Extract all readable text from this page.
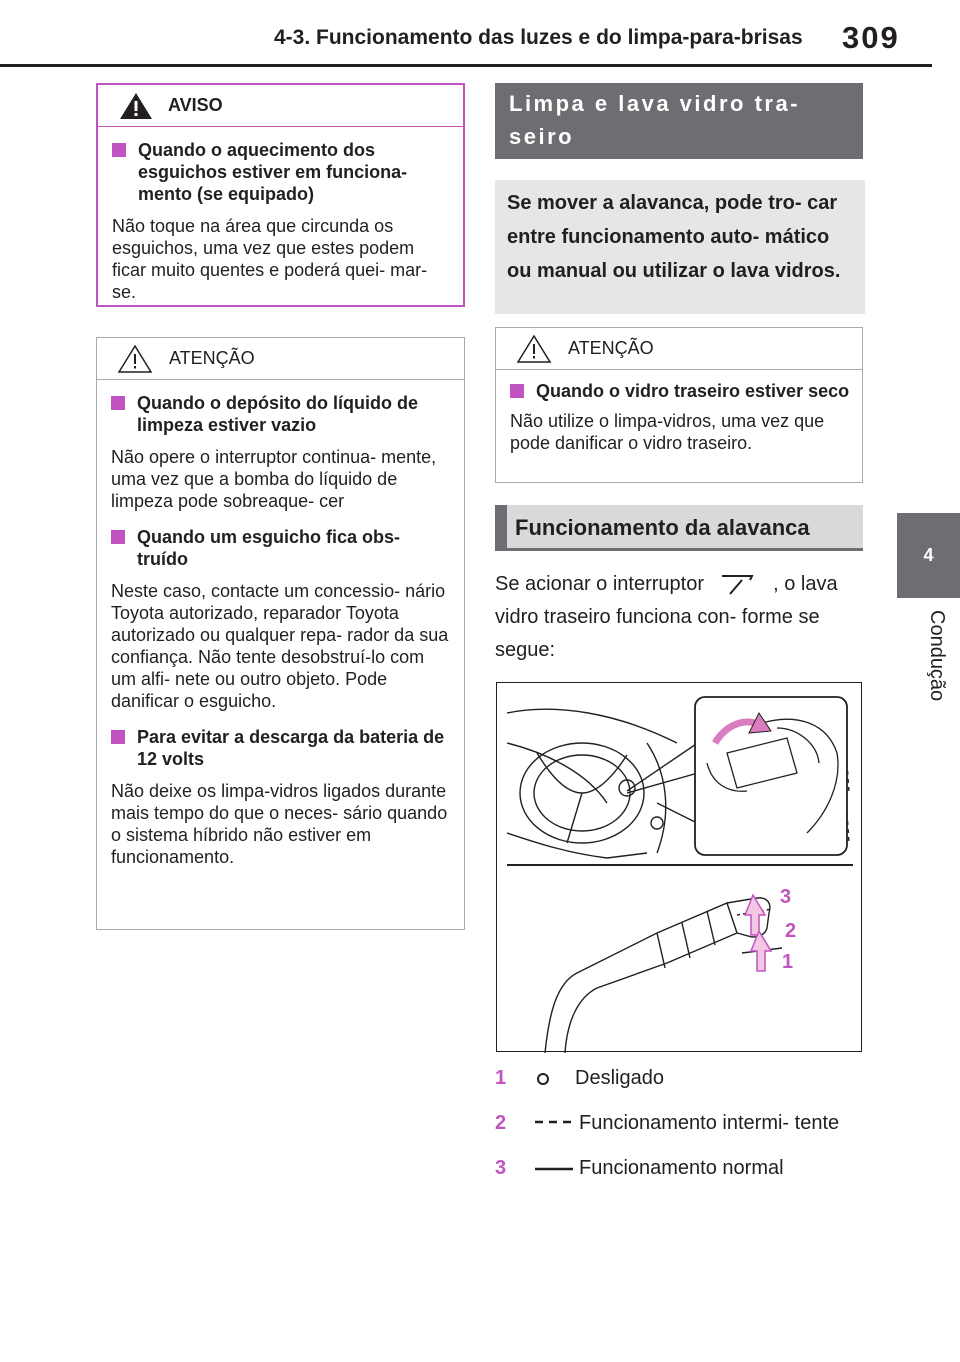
4-3. Funcionamento das luzes e do limpa-para-brisas 309
4
Condução
AVISO
Quando o aquecimento dos esguichos estiver em funciona- mento (se equipado)
Não toque na área que circunda os esguichos, uma vez que estes podem ficar muito quentes e poderá quei- mar-se.
ATENÇÃO
Quando o depósito do líquido de limpeza estiver vazio
Não opere o interruptor continua- mente, uma vez que a bomba do líquido de limpeza pode sobreaque- cer
Quando um esguicho fica obs- truído
Neste caso, contacte um concessio- nário Toyota autorizado, reparador Toyota autorizado ou qualquer repa- rador da sua confiança. Não tente desobstruí-lo com um alfi- nete ou outro objeto. Pode danificar o esguicho.
Para evitar a descarga da bateria de 12 volts
Não deixe os limpa-vidros ligados durante mais tempo do que o neces- sário quando o sistema híbrido não estiver em funcionamento.
Limpa e lava vidro tra- seiro
Se mover a alavanca, pode tro- car entre funcionamento auto- mático ou manual ou utilizar o lava vidros.
ATENÇÃO
Quando o vidro traseiro estiver seco
Não utilize o limpa-vidros, uma vez que pode danificar o vidro traseiro.
Funcionamento da alavanca
Se acionar o interruptor	, o lava vidro traseiro funciona con- forme se segue:
3
2
1
1	Desligado
2	Funcionamento intermi- tente
3	Funcionamento normal
